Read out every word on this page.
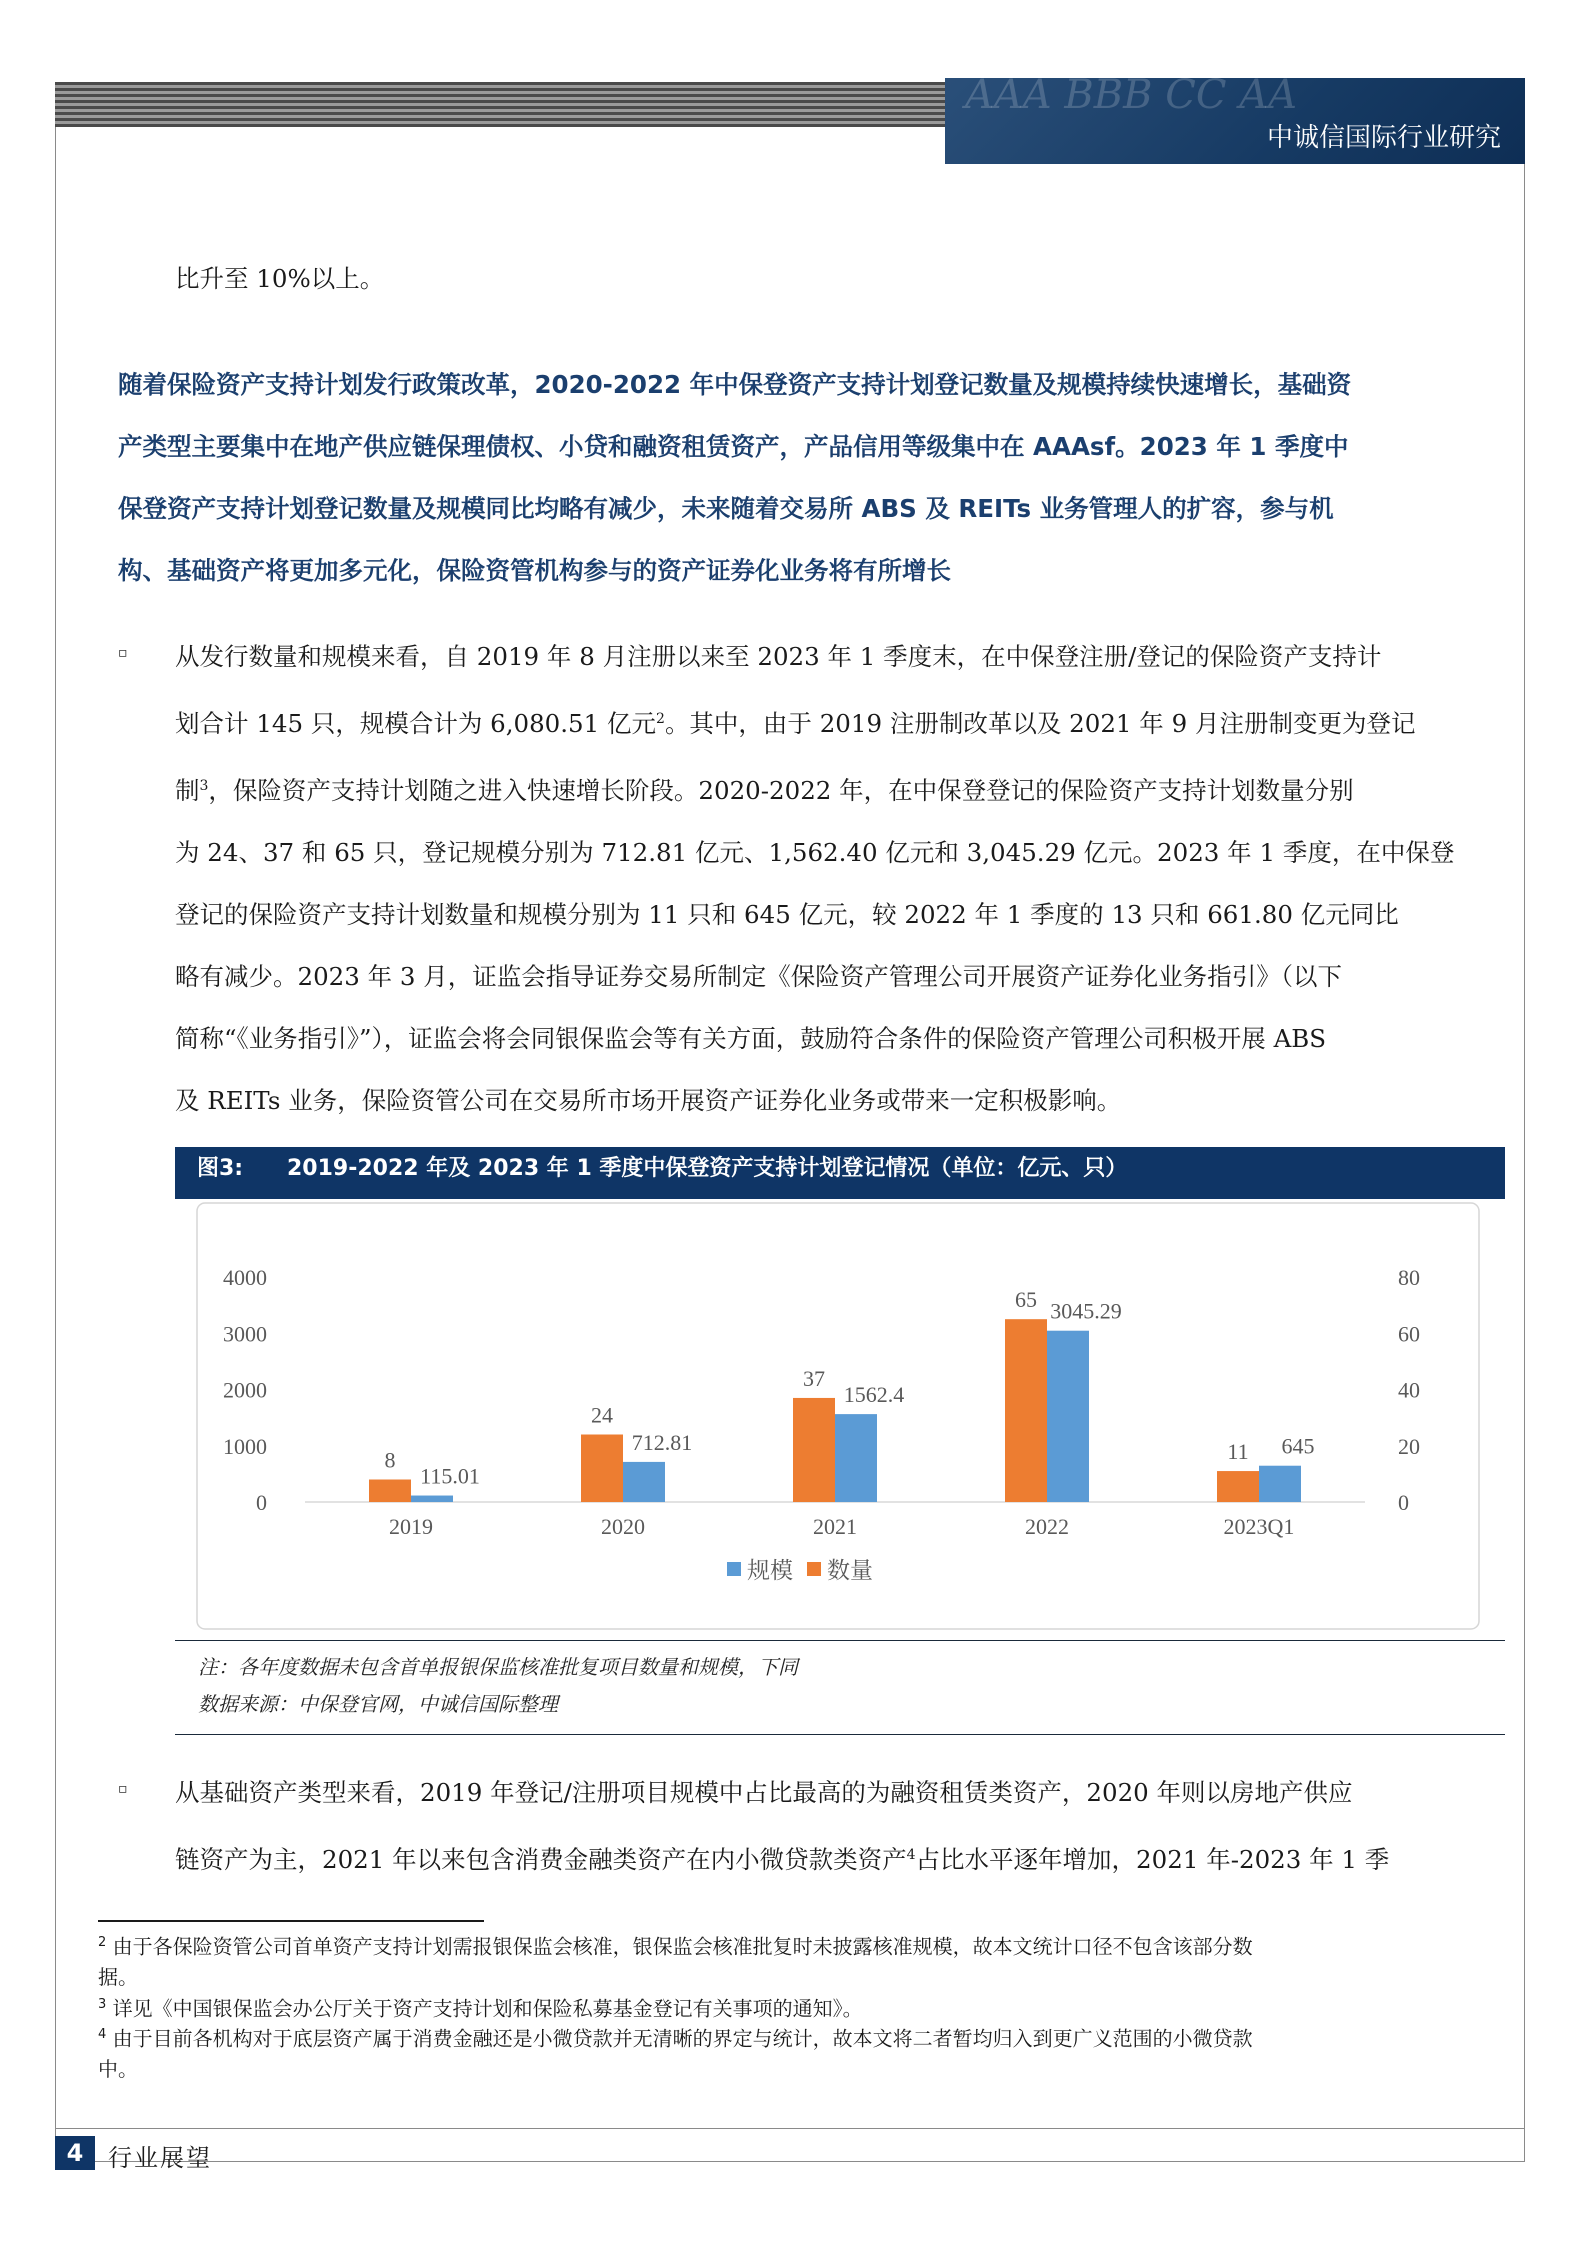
AAA BBB CC AA
中诚信国际行业研究
比升至 10%以上。
随着保险资产支持计划发行政策改革，2020-2022 年中保登资产支持计划登记数量及规模持续快速增长，基础资
产类型主要集中在地产供应链保理债权、小贷和融资租赁资产，产品信用等级集中在 AAAsf。2023 年 1 季度中
保登资产支持计划登记数量及规模同比均略有减少，未来随着交易所 ABS 及 REITs 业务管理人的扩容，参与机
构、基础资产将更加多元化，保险资管机构参与的资产证券化业务将有所增长
▫ 从发行数量和规模来看，自 2019 年 8 月注册以来至 2023 年 1 季度末，在中保登注册/登记的保险资产支持计
划合计 145 只，规模合计为 6,080.51 亿元$^2$。其中，由于 2019 注册制改革以及 2021 年 9 月注册制变更为登记
制$^3$，保险资产支持计划随之进入快速增长阶段。2020-2022 年，在中保登登记的保险资产支持计划数量分别
为 24、37 和 65 只，登记规模分别为 712.81 亿元、1,562.40 亿元和 3,045.29 亿元。2023 年 1 季度，在中保登
登记的保险资产支持计划数量和规模分别为 11 只和 645 亿元，较 2022 年 1 季度的 13 只和 661.80 亿元同比
略有减少。2023 年 3 月，证监会指导证券交易所制定《保险资产管理公司开展资产证券化业务指引》（以下
简称“《业务指引》”），证监会将会同银保监会等有关方面，鼓励符合条件的保险资产管理公司积极开展 ABS
及 REITs 业务，保险资管公司在交易所市场开展资产证券化业务或带来一定积极影响。
图3: 2019-2022 年及 2023 年 1 季度中保登资产支持计划登记情况（单位：亿元、只）
0
1000
2000
3000
4000
0
20
40
60
80
8
115.01
2019
24
712.81
2020
37
1562.4
2021
65 3045.29
2022
11 645
2023Q1
规模 数量
注：各年度数据未包含首单报银保监核准批复项目数量和规模，下同
数据来源：中保登官网，中诚信国际整理
▫ 从基础资产类型来看，2019 年登记/注册项目规模中占比最高的为融资租赁类资产，2020 年则以房地产供应
链资产为主，2021 年以来包含消费金融类资产在内小微贷款类资产$^4$占比水平逐年增加，2021 年-2023 年 1 季
$^2$ 由于各保险资管公司首单资产支持计划需报银保监会核准，银保监会核准批复时未披露核准规模，故本文统计口径不包含该部分数
据。
$^3$ 详见《中国银保监会办公厅关于资产支持计划和保险私募基金登记有关事项的通知》。
$^4$ 由于目前各机构对于底层资产属于消费金融还是小微贷款并无清晰的界定与统计，故本文将二者暂均归入到更广义范围的小微贷款
中。
4	行业展望
